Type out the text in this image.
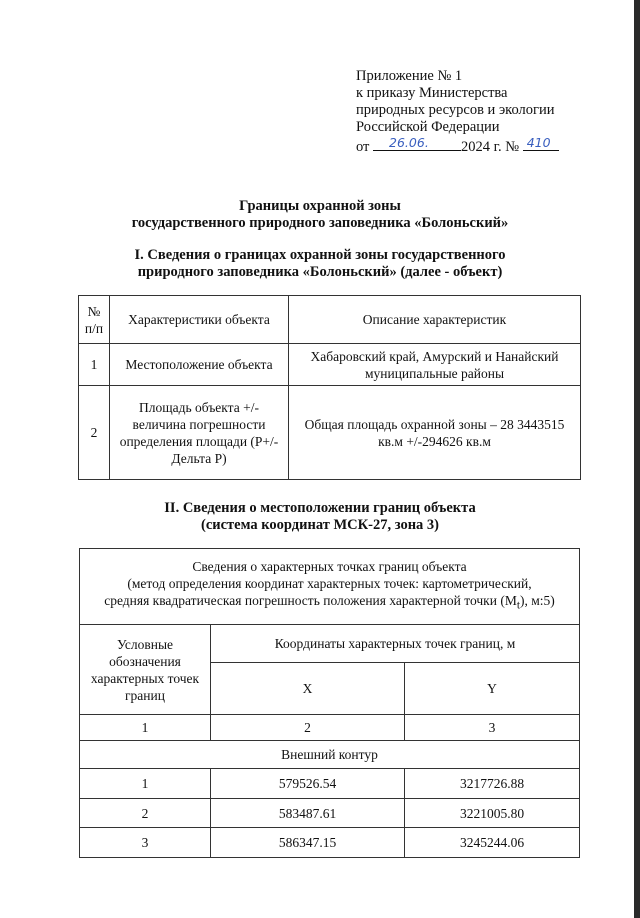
Приложение № 1
к приказу Министерства
природных ресурсов и экологии
Российской Федерации
от 26.06. 2024 г. № 410
Границы охранной зоны
государственного природного заповедника «Болоньский»
I. Сведения о границах охранной зоны государственного
природного заповедника «Болоньский» (далее - объект)
№ п/п	Характеристики объекта	Описание характеристик
1	Местоположение объекта	Хабаровский край, Амурский и Нанайский муниципальные районы
2	Площадь объекта +/- величина погрешности определения площади (P+/- Дельта P)	Общая площадь охранной зоны – 28 3443515 кв.м +/-294626 кв.м
II. Сведения о местоположении границ объекта
(система координат МСК-27, зона 3)
Сведения о характерных точках границ объекта
(метод определения координат характерных точек: картометрический,
средняя квадратическая погрешность положения характерной точки $(M_t)$, м:5)		

Условные обозначения характерных точек границ	Координаты характерных точек границ, м	
	X	Y
1	2	3
Внешний контур		
1	579526.54	3217726.88
2	583487.61	3221005.80
3	586347.15	3245244.06
